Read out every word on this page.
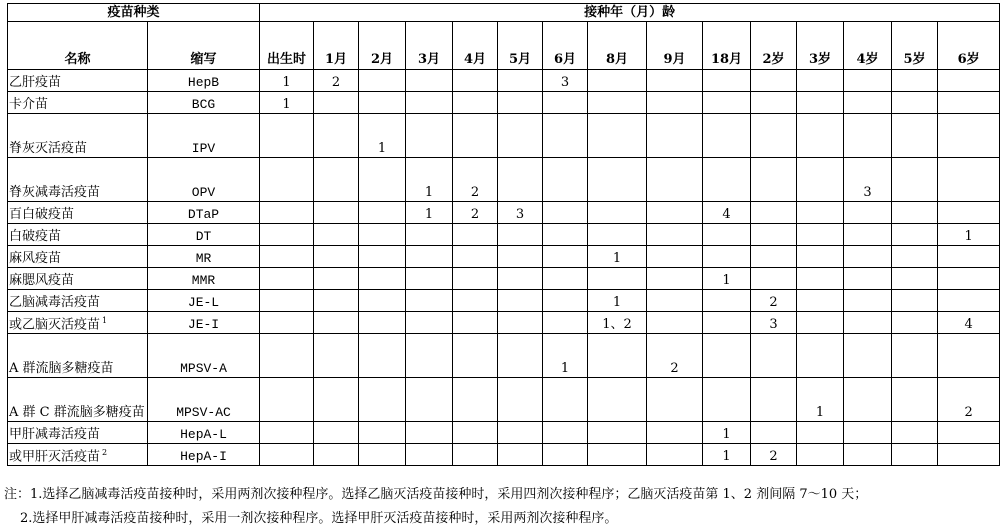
疫苗种类		接种年（月）龄														
名称	缩写	出生时	1月	2月	3月	4月	5月	6月	8月	9月	18月	2岁	3岁	4岁	5岁	6岁
乙肝疫苗	HepB	1	2					3								
卡介苗	BCG	1														
脊灰灭活疫苗	IPV			1												
脊灰减毒活疫苗	OPV				1	2								3		
百白破疫苗	DTaP				1	2	3				4					
白破疫苗	DT															1
麻风疫苗	MR								1							
麻腮风疫苗	MMR										1					
乙脑减毒活疫苗	JE-L								1			2				
或乙脑灭活疫苗 $^1$	JE-I								1、2			3				4
A 群流脑多糖疫苗	MPSV-A							1		2						
A 群 C 群流脑多糖疫苗	MPSV-AC												1			2
甲肝减毒活疫苗	HepA-L										1					
或甲肝灭活疫苗 $^2$	HepA-I										1	2				
注：1.选择乙脑减毒活疫苗接种时，采用两剂次接种程序。选择乙脑灭活疫苗接种时，采用四剂次接种程序；乙脑灭活疫苗第 1、2 剂间隔 7～10 天；
2.选择甲肝减毒活疫苗接种时，采用一剂次接种程序。选择甲肝灭活疫苗接种时，采用两剂次接种程序。
